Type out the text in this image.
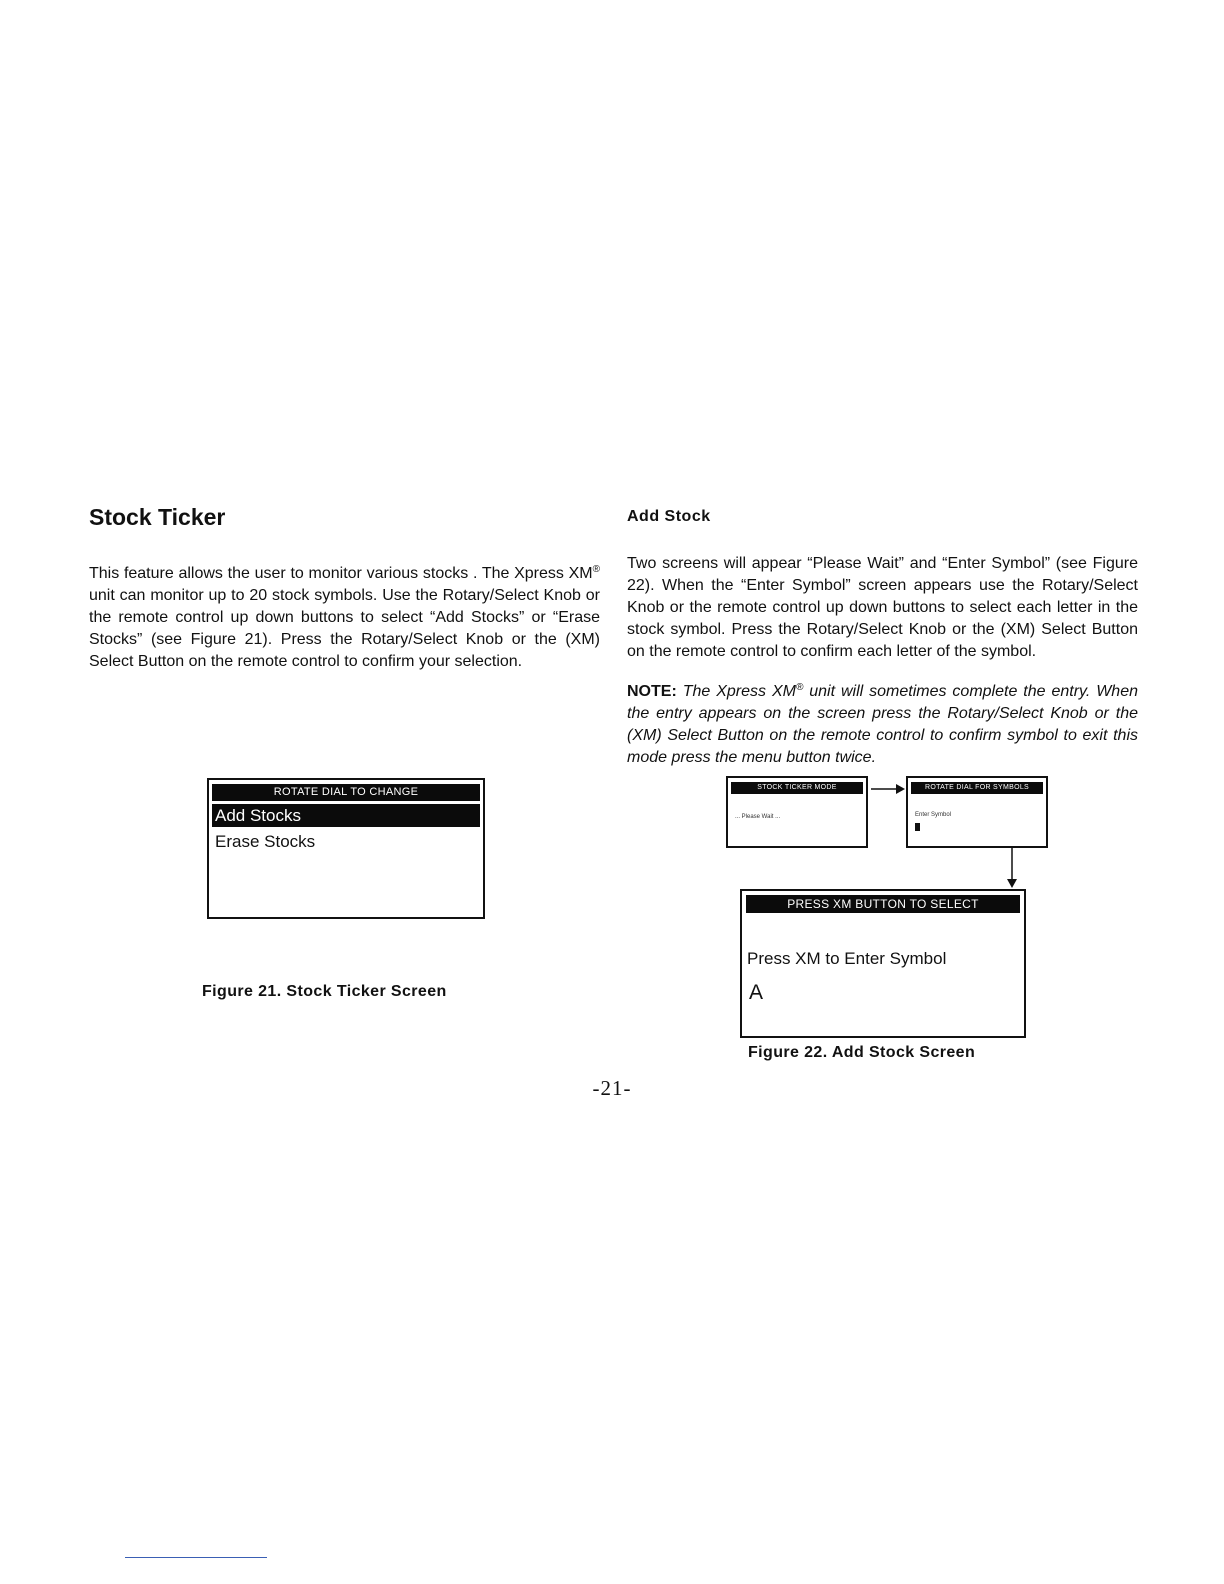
Stock Ticker

This feature allows the user to monitor various stocks . The Xpress XM® unit can monitor up to 20 stock symbols. Use the Rotary/Select Knob or the remote control up down buttons to select “Add Stocks” or “Erase Stocks” (see Figure 21). Press the Rotary/Select Knob or the (XM) Select Button on the remote control to confirm your selection.

ROTATE DIAL TO CHANGE
Add Stocks
Erase Stocks

Figure 21. Stock Ticker Screen

Add Stock

Two screens will appear “Please Wait” and “Enter Symbol” (see Figure 22). When the “Enter Symbol” screen appears use the Rotary/Select Knob or the remote control up down buttons to select each letter in the stock symbol. Press the Rotary/Select Knob or the (XM) Select Button on the remote control to confirm each letter of the symbol.

NOTE: The Xpress XM® unit will sometimes complete the entry. When the entry appears on the screen press the Rotary/Select Knob or the (XM) Select Button on the remote control to confirm symbol to exit this mode press the menu button twice.

STOCK TICKER MODE
... Please Wait ...
ROTATE DIAL FOR SYMBOLS
Enter Symbol
PRESS XM BUTTON TO SELECT
Press XM to Enter Symbol
A

Figure 22. Add Stock Screen

-21-
